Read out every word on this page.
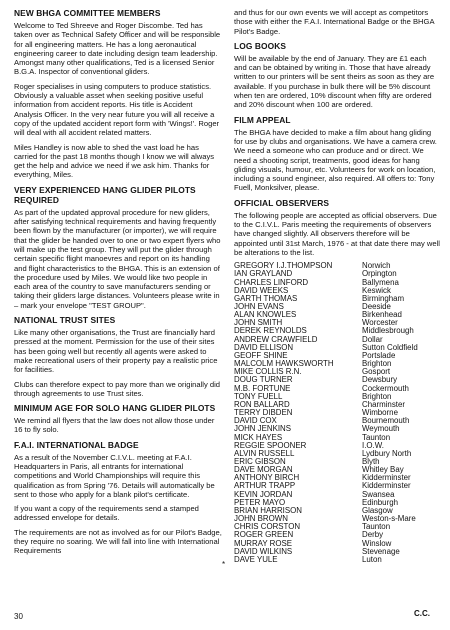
NEW BHGA COMMITTEE MEMBERS

Welcome to Ted Shreeve and Roger Discombe. Ted has taken over as Technical Safety Officer and will be responsible for all engineering matters. He has a long aeronautical engineering career to date including design team leadership. Amongst many other qualifications, Ted is a licensed Senior B.G.A. Inspector of conventional gliders.

Roger specialises in using computers to produce statistics. Obviously a valuable asset when seeking positive useful information from accident reports. His title is Accident Analysis Officer. In the very near future you will all receive a copy of the updated accident report form with 'Wings!'. Roger will deal with all accident related matters.

Miles Handley is now able to shed the vast load he has carried for the past 18 months though I know we will always get the help and advice we need if we ask him. Thanks for everything, Miles.

VERY EXPERIENCED HANG GLIDER PILOTS REQUIRED

As part of the updated approval procedure for new gliders, after satisfying technical requirements and having frequently been flown by the manufacturer (or importer), we will require that the glider be handed over to one or two expert flyers who will make up the test group. They will put the glider through certain specific flight manoevres and report on its handling and flight characteristics to the BHGA. This is an extension of the procedure used by Miles. We would like two people in each area of the country to save manufacturers sending or taking their gliders large distances. Volunteers please write in – mark your envelope "TEST GROUP".

NATIONAL TRUST SITES

Like many other organisations, the Trust are financially hard pressed at the moment. Permission for the use of their sites has been going well but recently all agents were asked to make recreational users of their property pay a realistic price for facilities.

Clubs can therefore expect to pay more than we originally did through agreements to use Trust sites.

MINIMUM AGE FOR SOLO HANG GLIDER PILOTS

We remind all flyers that the law does not allow those under 16 to fly solo.

F.A.I. INTERNATIONAL BADGE

As a result of the November C.I.V.L. meeting at F.A.I. Headquarters in Paris, all entrants for international competitions and World Championships will require this qualification as from Spring '76. Details will automatically be sent to those who apply for a blank pilot's certificate.

If you want a copy of the requirements send a stamped addressed envelope for details.

The requirements are not as involved as for our Pilot's Badge, they require no soaring. We will fall into line with International Requirements

and thus for our own events we will accept as competitors those with either the F.A.I. International Badge or the BHGA Pilot's Badge.

LOG BOOKS

Will be available by the end of January. They are £1 each and can be obtained by writing in. Those that have already written to our printers will be sent theirs as soon as they are available. If you purchase in bulk there will be 5% discount when ten are ordered, 10% discount when fifty are ordered and 20% discount when 100 are ordered.

FILM APPEAL

The BHGA have decided to make a film about hang gliding for use by clubs and organisations. We have a camera crew. We need a someone who can produce and or direct. We need a shooting script, treatments, good ideas for hang gliding visuals, humour, etc. Volunteers for work on location, including a sound engineer, also required. All offers to: Tony Fuell, Monksilver, please.

OFFICIAL OBSERVERS

The following people are accepted as official observers. Due to the C.I.V.L. Paris meeting the requirements of observers have changed slightly. All observers therefore will be appointed until 31st March, 1976 - at that date there may well be alterations to the list.

GREGORY I.J.THOMPSON	Norwich
IAN GRAYLAND	Orpington
CHARLES LINFORD	Ballymena
DAVID WEEKS	Keswick
GARTH THOMAS	Birmingham
JOHN EVANS	Deeside
ALAN KNOWLES	Birkenhead
JOHN SMITH	Worcester
DEREK REYNOLDS	Middlesbrough
ANDREW CRAWFIELD	Dollar
DAVID ELLISON	Sutton Coldfield
GEOFF SHINE	Portslade
MALCOLM HAWKSWORTH	Brighton
MIKE COLLIS R.N.	Gosport
DOUG TURNER	Dewsbury
M.B. FORTUNE	Cockermouth
TONY FUELL	Brighton
RON BALLARD	Charminster
TERRY DIBDEN	Wimborne
DAVID COX	Bournemouth
JOHN JENKINS	Weymouth
MICK HAYES	Taunton
REGGIE SPOONER	I.O.W.
ALVIN RUSSELL	Lydbury North
ERIC GIBSON	Blyth
DAVE MORGAN	Whitley Bay
ANTHONY BIRCH	Kidderminster
ARTHUR TRAPP	Kidderminster
KEVIN JORDAN	Swansea
PETER MAYO	Edinburgh
BRIAN HARRISON	Glasgow
JOHN BROWN	Weston-s-Mare
CHRIS CORSTON	Taunton
ROGER GREEN	Derby
MURRAY ROSE	Winslow
DAVID WILKINS	Stevenage
DAVE YULE	Luton
*
30	C.C.
